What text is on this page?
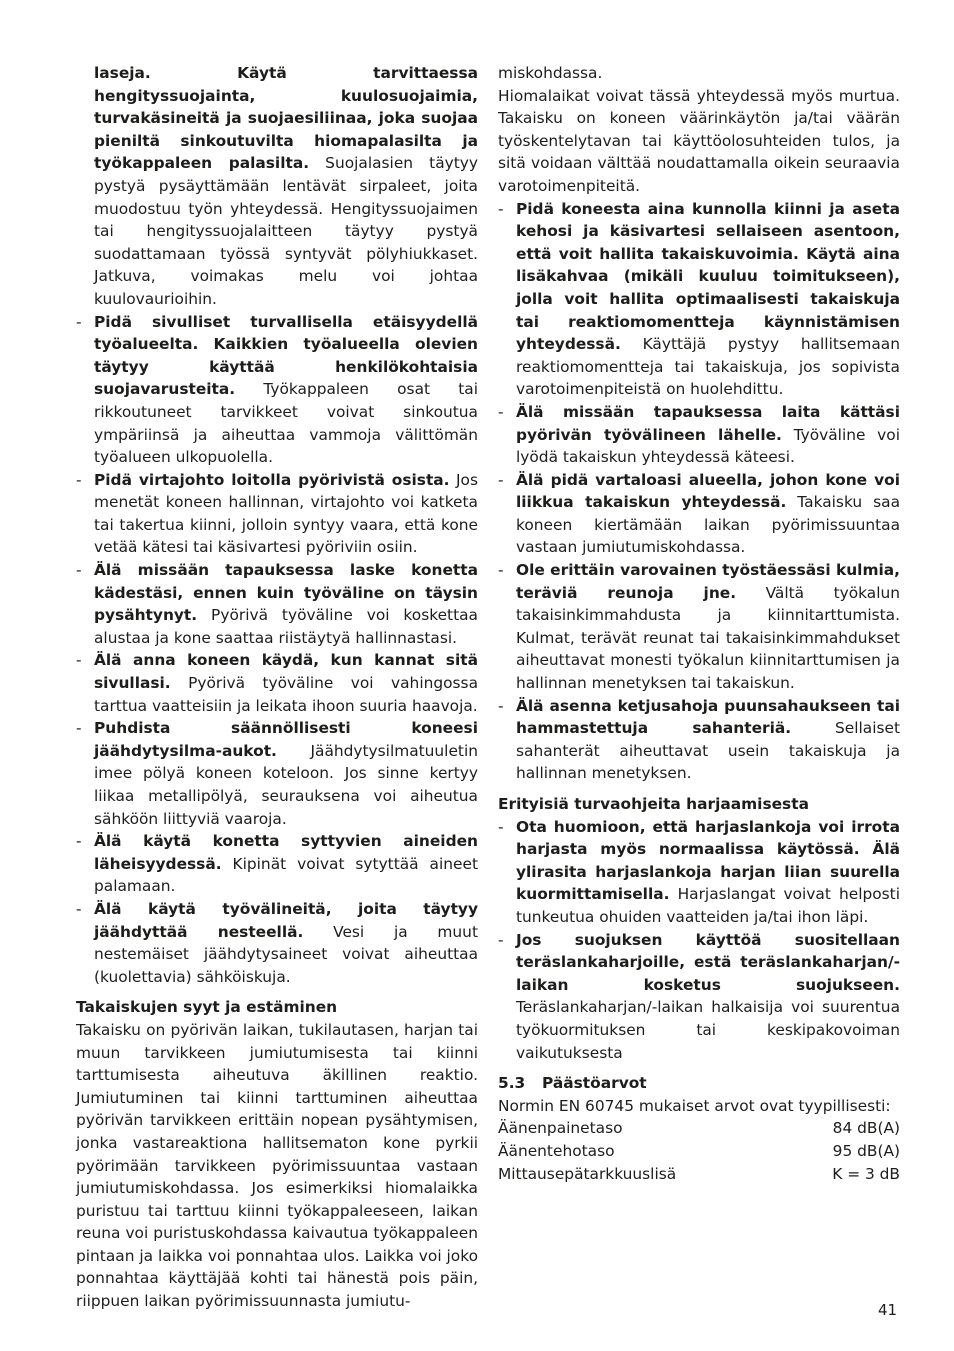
laseja. Käytä tarvittaessa hengityssuojainta, kuulosuojaimia, turvakäsineitä ja suojaesiliinaa, joka suojaa pieniltä sinkoutuvilta hiomapalasilta ja työkappaleen palasilta. Suojalasien täytyy pystyä pysäyttämään lentävät sirpaleet, joita muodostuu työn yhteydessä. Hengityssuojaimen tai hengityssuojalaitteen täytyy pystyä suodattamaan työssä syntyvät pölyhiukkaset. Jatkuva, voimakas melu voi johtaa kuulovaurioihin.

- Pidä sivulliset turvallisella etäisyydellä työalueelta. Kaikkien työalueella olevien täytyy käyttää henkilökohtaisia suojavarusteita. Työkappaleen osat tai rikkoutuneet tarvikkeet voivat sinkoutua ympäriinsä ja aiheuttaa vammoja välittömän työalueen ulkopuolella.
- Pidä virtajohto loitolla pyörivistä osista. Jos menetät koneen hallinnan, virtajohto voi katketa tai takertua kiinni, jolloin syntyy vaara, että kone vetää kätesi tai käsivartesi pyöriviin osiin.
- Älä missään tapauksessa laske konetta kädestäsi, ennen kuin työväline on täysin pysähtynyt. Pyörivä työväline voi koskettaa alustaa ja kone saattaa riistäytyä hallinnastasi.
- Älä anna koneen käydä, kun kannat sitä sivullasi. Pyörivä työväline voi vahingossa tarttua vaatteisiin ja leikata ihoon suuria haavoja.
- Puhdista säännöllisesti koneesi jäähdytysilma-aukot. Jäähdytysilmatuuletin imee pölyä koneen koteloon. Jos sinne kertyy liikaa metallipölyä, seurauksena voi aiheutua sähköön liittyviä vaaroja.
- Älä käytä konetta syttyvien aineiden läheisyydessä. Kipinät voivat sytyttää aineet palamaan.
- Älä käytä työvälineitä, joita täytyy jäähdyttää nesteellä. Vesi ja muut nestemäiset jäähdytysaineet voivat aiheuttaa (kuolettavia) sähköiskuja.
Takaiskujen syyt ja estäminen

Takaisku on pyörivän laikan, tukilautasen, harjan tai muun tarvikkeen jumiutumisesta tai kiinni tarttumisesta aiheutuva äkillinen reaktio. Jumiutuminen tai kiinni tarttuminen aiheuttaa pyörivän tarvikkeen erittäin nopean pysähtymisen, jonka vastareaktiona hallitsematon kone pyrkii pyörimään tarvikkeen pyörimissuuntaa vastaan jumiutumiskohdassa. Jos esimerkiksi hiomalaikka puristuu tai tarttuu kiinni työkappaleeseen, laikan reuna voi puristuskohdassa kaivautua työkappaleen pintaan ja laikka voi ponnahtaa ulos. Laikka voi joko ponnahtaa käyttäjää kohti tai hänestä pois päin, riippuen laikan pyörimissuunnasta jumiutu-

miskohdassa.

Hiomalaikat voivat tässä yhteydessä myös murtua. Takaisku on koneen väärinkäytön ja/tai väärän työskentelytavan tai käyttöolosuhteiden tulos, ja sitä voidaan välttää noudattamalla oikein seuraavia varotoimenpiteitä.

- Pidä koneesta aina kunnolla kiinni ja aseta kehosi ja käsivartesi sellaiseen asentoon, että voit hallita takaiskuvoimia. Käytä aina lisäkahvaa (mikäli kuuluu toimitukseen), jolla voit hallita optimaalisesti takaiskuja tai reaktiomomentteja käynnistämisen yhteydessä. Käyttäjä pystyy hallitsemaan reaktiomomentteja tai takaiskuja, jos sopivista varotoimenpiteistä on huolehdittu.
- Älä missään tapauksessa laita kättäsi pyörivän työvälineen lähelle. Työväline voi lyödä takaiskun yhteydessä käteesi.
- Älä pidä vartaloasi alueella, johon kone voi liikkua takaiskun yhteydessä. Takaisku saa koneen kiertämään laikan pyörimissuuntaa vastaan jumiutumiskohdassa.
- Ole erittäin varovainen työstäessäsi kulmia, teräviä reunoja jne. Vältä työkalun takaisinkimmahdusta ja kiinnitarttumista. Kulmat, terävät reunat tai takaisinkimmahdukset aiheuttavat monesti työkalun kiinnitarttumisen ja hallinnan menetyksen tai takaiskun.
- Älä asenna ketjusahoja puunsahaukseen tai hammastettuja sahanteriä. Sellaiset sahanterät aiheuttavat usein takaiskuja ja hallinnan menetyksen.
Erityisiä turvaohjeita harjaamisesta
- Ota huomioon, että harjaslankoja voi irrota harjasta myös normaalissa käytössä. Älä ylirasita harjaslankoja harjan liian suurella kuormittamisella. Harjaslangat voivat helposti tunkeutua ohuiden vaatteiden ja/tai ihon läpi.
- Jos suojuksen käyttöä suositellaan teräslankaharjoille, estä teräslankaharjan/-laikan kosketus suojukseen. Teräslankaharjan/-laikan halkaisija voi suurentua työkuormituksen tai keskipakovoiman vaikutuksesta
5.3 Päästöarvot

Normin EN 60745 mukaiset arvot ovat tyypillisesti:

Äänenpainetaso	84 dB(A)
Äänentehotaso	95 dB(A)
Mittausepätarkkuuslisä	K = 3 dB
41
